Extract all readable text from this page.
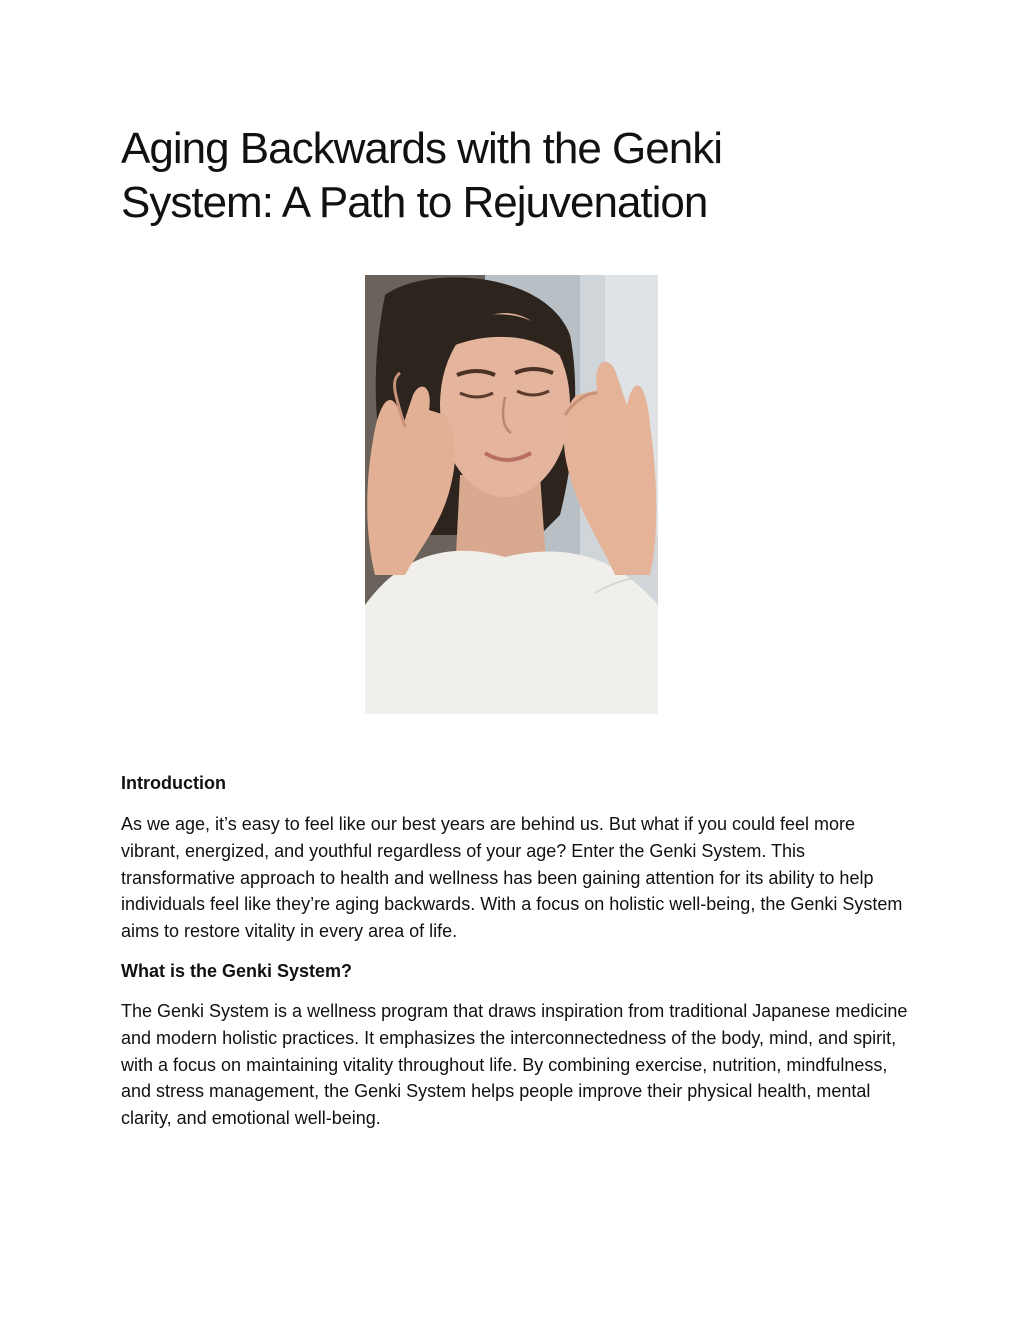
Aging Backwards with the Genki System: A Path to Rejuvenation
Introduction

As we age, it’s easy to feel like our best years are behind us. But what if you could feel more vibrant, energized, and youthful regardless of your age? Enter the Genki System. This transformative approach to health and wellness has been gaining attention for its ability to help individuals feel like they’re aging backwards. With a focus on holistic well-being, the Genki System aims to restore vitality in every area of life.

What is the Genki System?

The Genki System is a wellness program that draws inspiration from traditional Japanese medicine and modern holistic practices. It emphasizes the interconnectedness of the body, mind, and spirit, with a focus on maintaining vitality throughout life. By combining exercise, nutrition, mindfulness, and stress management, the Genki System helps people improve their physical health, mental clarity, and emotional well-being.
